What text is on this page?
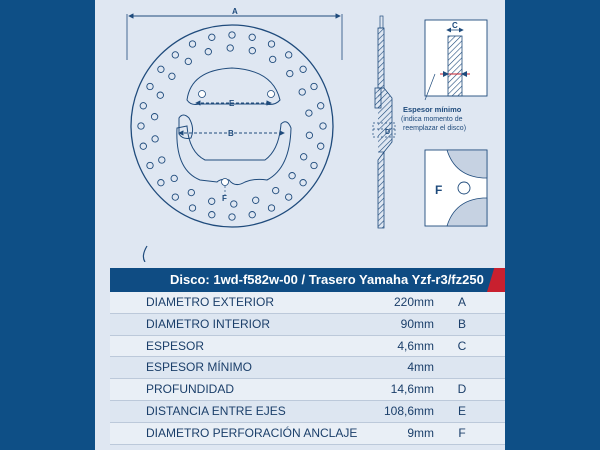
A
E
B
F
D
C
Espesor mínimo
(indica momento de
reemplazar el disco)
F
Disco: 1wd-f582w-00 / Trasero Yamaha Yzf-r3/fz250
DIAMETRO EXTERIOR	220mm	A
DIAMETRO INTERIOR	90mm	B
ESPESOR	4,6mm	C
ESPESOR MÍNIMO	4mm
PROFUNDIDAD	14,6mm	D
DISTANCIA ENTRE EJES	108,6mm	E
DIAMETRO PERFORACIÓN ANCLAJE	9mm	F
